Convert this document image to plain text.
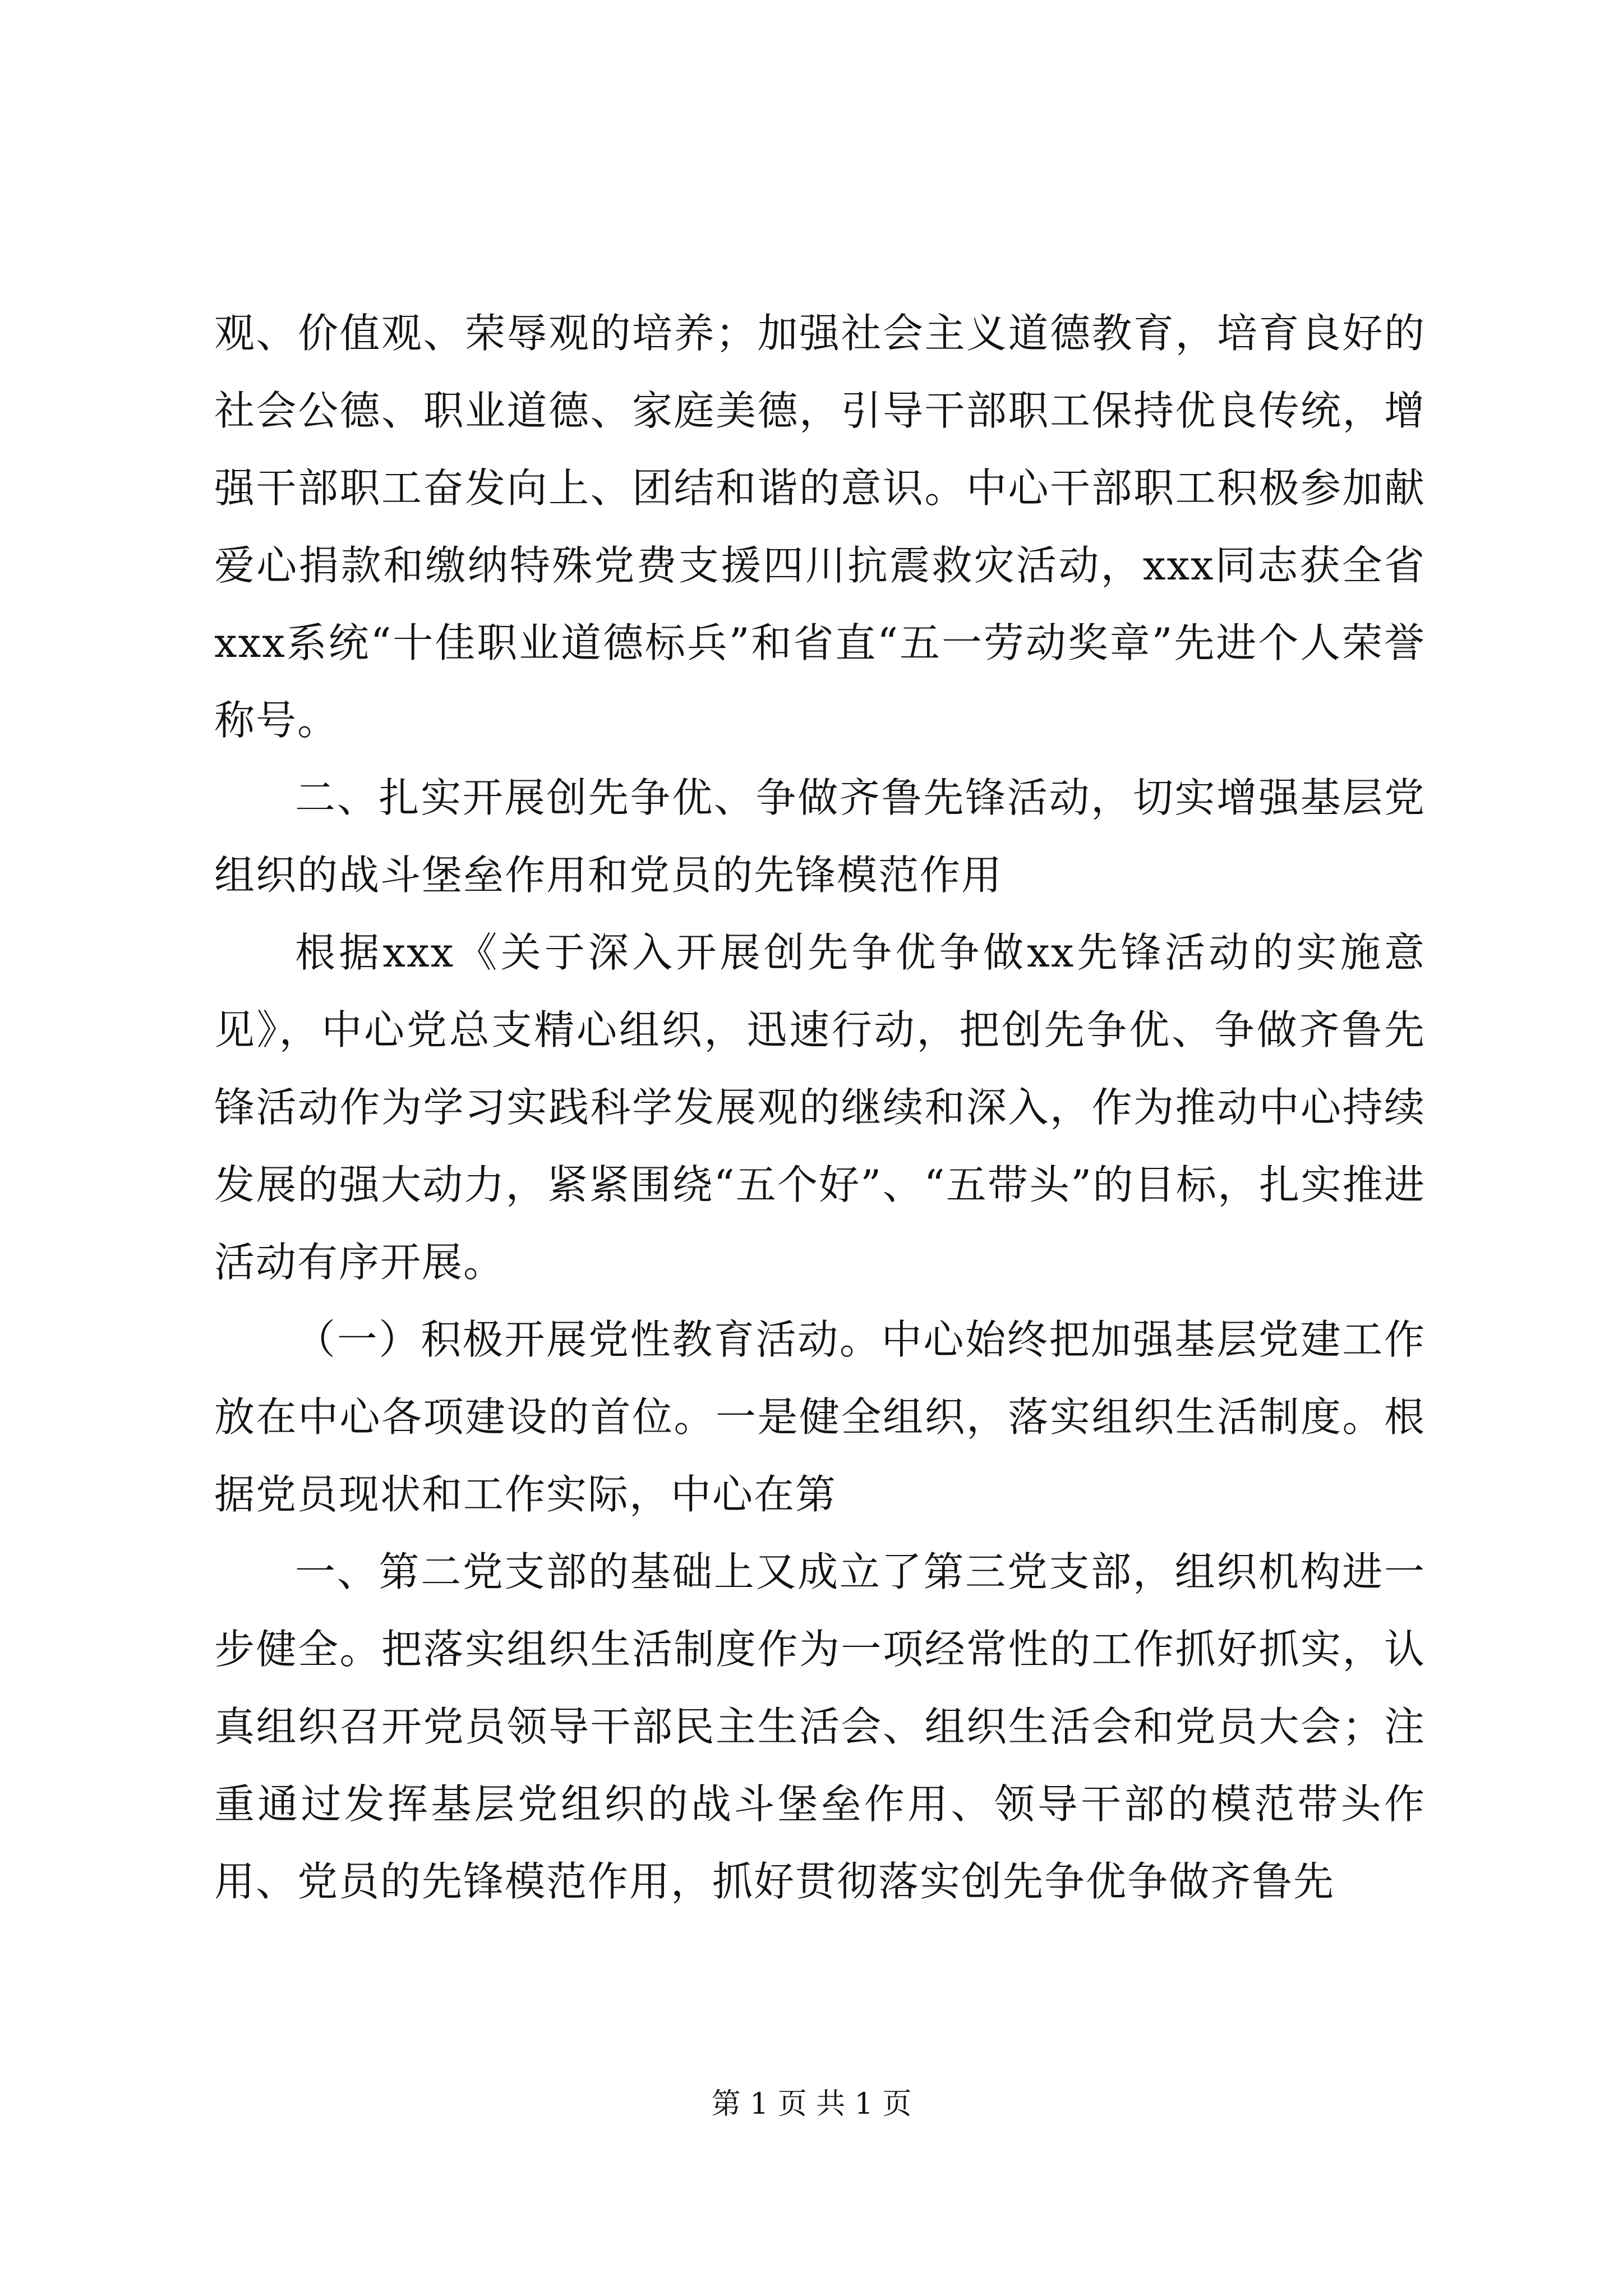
观、价值观、荣辱观的培养；加强社会主义道德教育，培育良好的社会公德、职业道德、家庭美德，引导干部职工保持优良传统，增强干部职工奋发向上、团结和谐的意识。中心干部职工积极参加献爱心捐款和缴纳特殊党费支援四川抗震救灾活动，xxx同志获全省xxx系统“十佳职业道德标兵”和省直“五一劳动奖章”先进个人荣誉称号。

二、扎实开展创先争优、争做齐鲁先锋活动，切实增强基层党组织的战斗堡垒作用和党员的先锋模范作用

根据xxx《关于深入开展创先争优争做xx先锋活动的实施意见》，中心党总支精心组织，迅速行动，把创先争优、争做齐鲁先锋活动作为学习实践科学发展观的继续和深入，作为推动中心持续发展的强大动力，紧紧围绕“五个好”、“五带头”的目标，扎实推进活动有序开展。

（一）积极开展党性教育活动。中心始终把加强基层党建工作放在中心各项建设的首位。一是健全组织，落实组织生活制度。根据党员现状和工作实际，中心在第

一、第二党支部的基础上又成立了第三党支部，组织机构进一步健全。把落实组织生活制度作为一项经常性的工作抓好抓实，认真组织召开党员领导干部民主生活会、组织生活会和党员大会；注重通过发挥基层党组织的战斗堡垒作用、领导干部的模范带头作用、党员的先锋模范作用，抓好贯彻落实创先争优争做齐鲁先

第 1 页 共 1 页
